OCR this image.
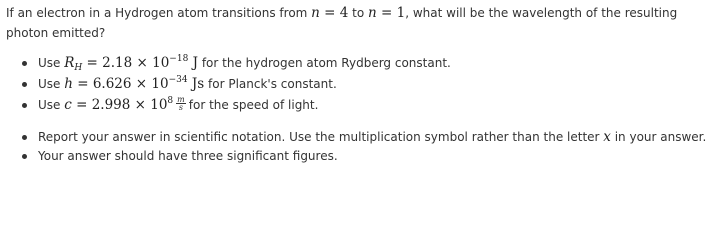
If an electron in a Hydrogen atom transitions from n = 4 to n = 1, what will be the wavelength of the resulting photon emitted?
Use $R_H = 2.18 \times 10^{-18}$ J for the hydrogen atom Rydberg constant.
Use $h = 6.626 \times 10^{-34}$ Js for Planck's constant.
Use $c = 2.998 \times 10^8 \frac{m}{s}$ for the speed of light.
Report your answer in scientific notation. Use the multiplication symbol rather than the letter x in your answer.
Your answer should have three significant figures.
